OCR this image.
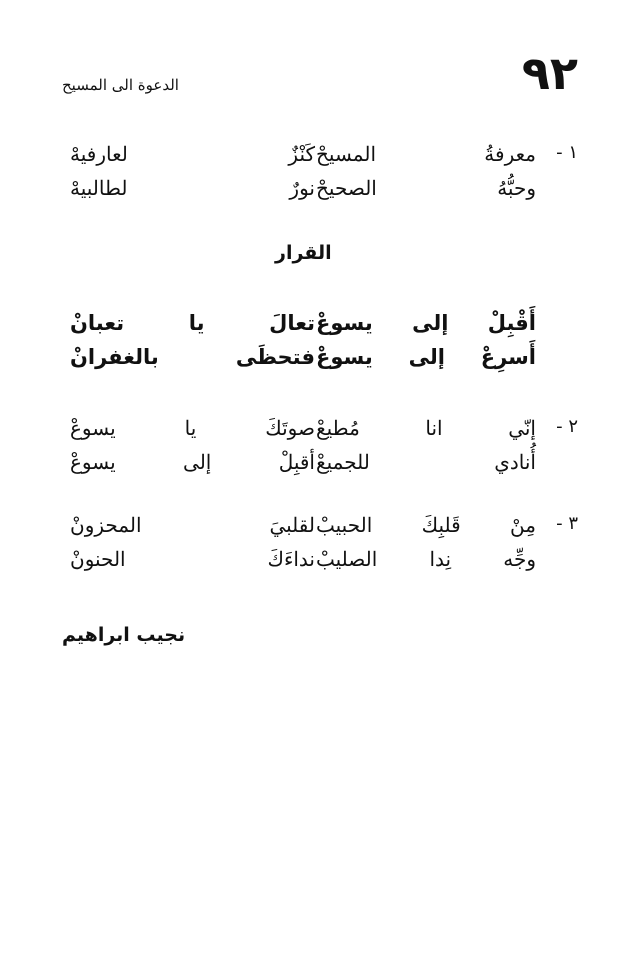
٩٢
الدعوة الى المسيح
١ -
معرفةُ المسيحْ
كَنْزٌ لعارفيهْ
وحبُّهُ الصحيحْ
نورٌ لطالبيهْ
القرار
أَقْبِلْ إلى يسوعْ
تعالَ يا تعبانْ
أَسرِعْ إلى يسوعْ
فتحظَى بالغفرانْ
٢ -
إنّي انا مُطيعْ
صوتَكَ يا يسوعْ
أُنادي للجميعْ
أقبِلْ إلى يسوعْ
٣ -
مِنْ قَلبِكَ الحبيبْ
لقلبيَ المحزونْ
وجِّه نِدا الصليبْ
نداءَكَ الحنونْ
نجيب ابراهيم
